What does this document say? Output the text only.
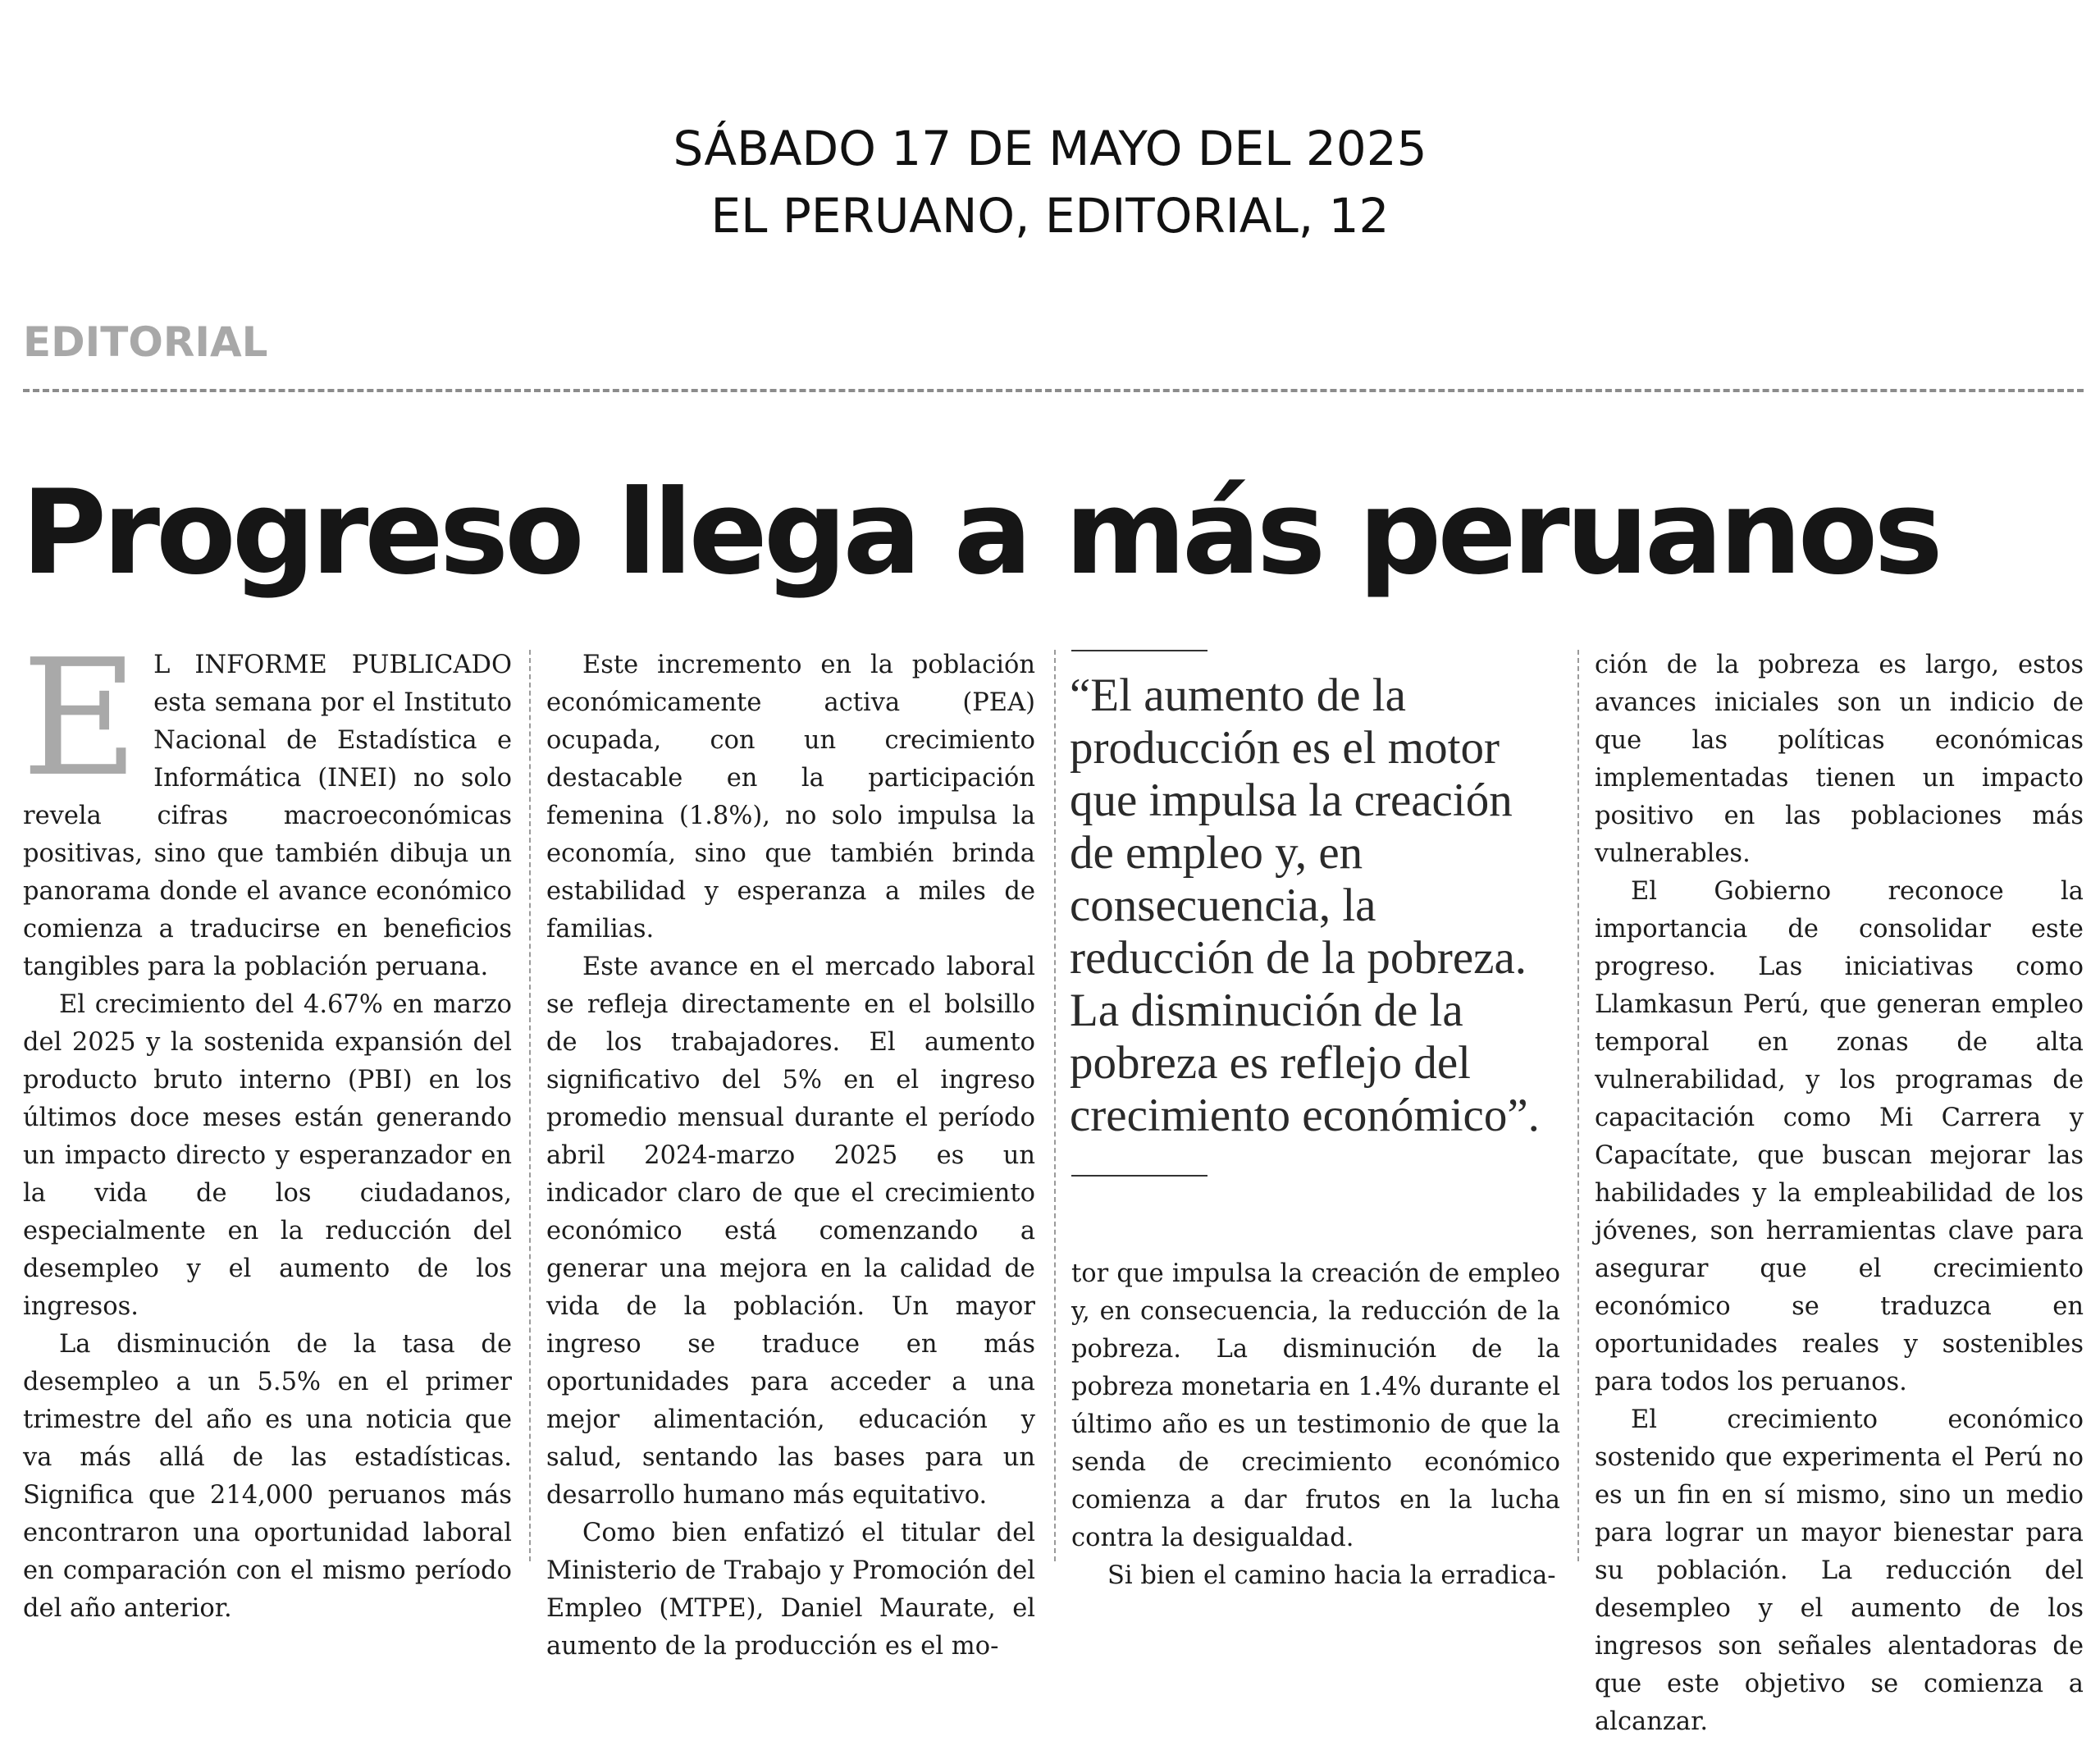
SÁBADO 17 DE MAYO DEL 2025
EL PERUANO, EDITORIAL, 12
EDITORIAL
Progreso llega a más peruanos
E L INFORME PUBLICADO esta semana por el Instituto Nacional de Estadística e Informática (INEI) no solo revela cifras macroeconómicas positivas, sino que también dibuja un panorama donde el avance económico comienza a traducirse en beneficios tangibles para la población peruana.

El crecimiento del 4.67% en marzo del 2025 y la sostenida expansión del producto bruto interno (PBI) en los últimos doce meses están generando un impacto directo y esperanzador en la vida de los ciudadanos, especialmente en la reducción del desempleo y el aumento de los ingresos.

La disminución de la tasa de desempleo a un 5.5% en el primer trimestre del año es una noticia que va más allá de las estadísticas. Significa que 214,000 peruanos más encontraron una oportunidad laboral en comparación con el mismo período del año anterior.

Este incremento en la población económicamente activa (PEA) ocupada, con un crecimiento destacable en la participación femenina (1.8%), no solo impulsa la economía, sino que también brinda estabilidad y esperanza a miles de familias.

Este avance en el mercado laboral se refleja directamente en el bolsillo de los trabajadores. El aumento significativo del 5% en el ingreso promedio mensual durante el período abril 2024-marzo 2025 es un indicador claro de que el crecimiento económico está comenzando a generar una mejora en la calidad de vida de la población. Un mayor ingreso se traduce en más oportunidades para acceder a una mejor alimentación, educación y salud, sentando las bases para un desarrollo humano más equitativo.

Como bien enfatizó el titular del Ministerio de Trabajo y Promoción del Empleo (MTPE), Daniel Maurate, el aumento de la producción es el mo-

“El aumento de la producción es el motor que impulsa la creación de empleo y, en consecuencia, la reducción de la pobreza. La disminución de la pobreza es reflejo del crecimiento económico”.

tor que impulsa la creación de empleo y, en consecuencia, la reducción de la pobreza. La disminución de la pobreza monetaria en 1.4% durante el último año es un testimonio de que la senda de crecimiento económico comienza a dar frutos en la lucha contra la desigualdad.

Si bien el camino hacia la erradica-

ción de la pobreza es largo, estos avances iniciales son un indicio de que las políticas económicas implementadas tienen un impacto positivo en las poblaciones más vulnerables.

El Gobierno reconoce la importancia de consolidar este progreso. Las iniciativas como Llamkasun Perú, que generan empleo temporal en zonas de alta vulnerabilidad, y los programas de capacitación como Mi Carrera y Capacítate, que buscan mejorar las habilidades y la empleabilidad de los jóvenes, son herramientas clave para asegurar que el crecimiento económico se traduzca en oportunidades reales y sostenibles para todos los peruanos.

El crecimiento económico sostenido que experimenta el Perú no es un fin en sí mismo, sino un medio para lograr un mayor bienestar para su población. La reducción del desempleo y el aumento de los ingresos son señales alentadoras de que este objetivo se comienza a alcanzar.
